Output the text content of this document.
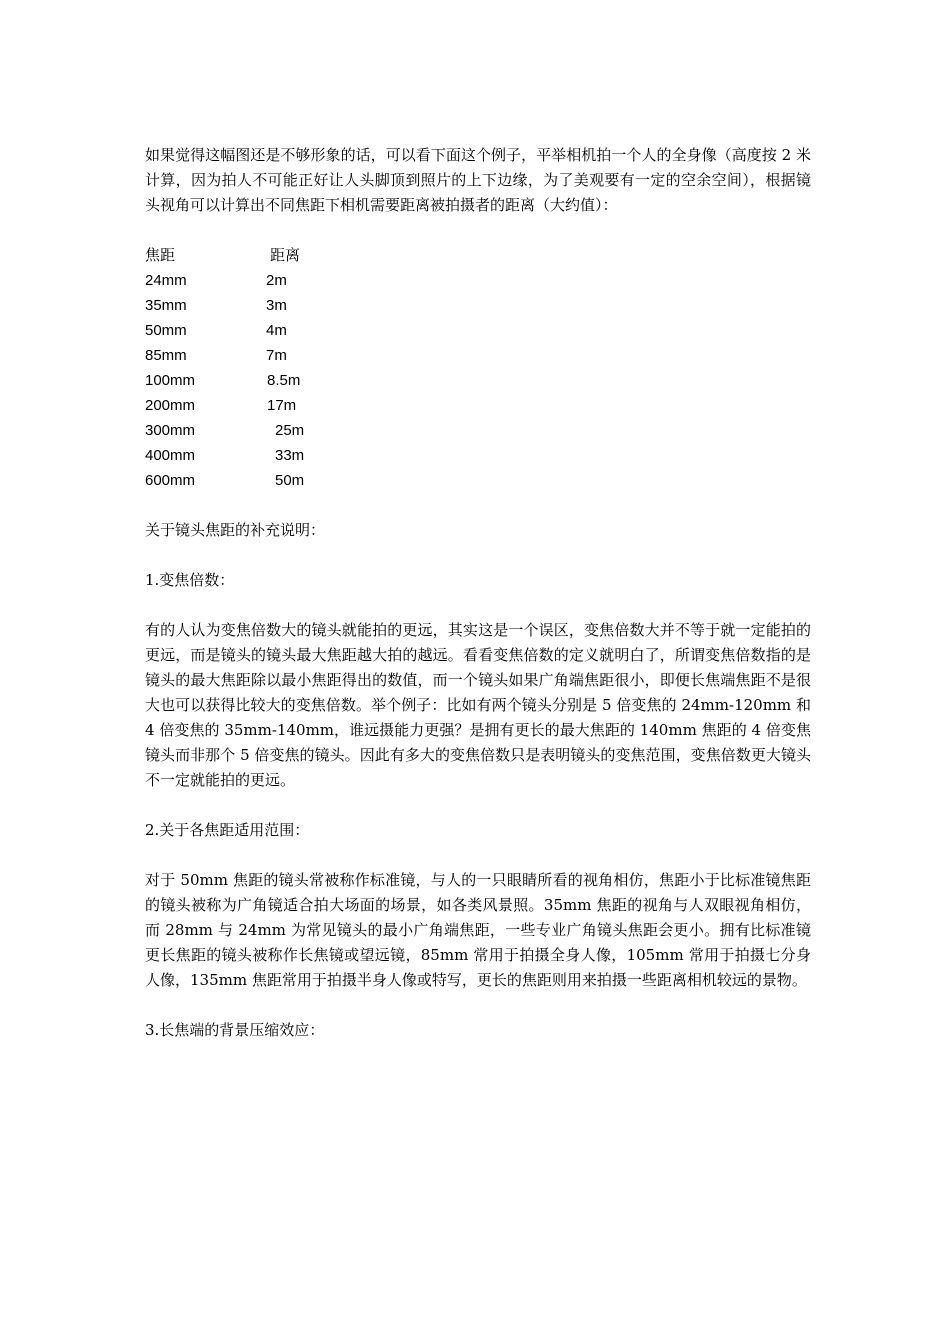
如果觉得这幅图还是不够形象的话，可以看下面这个例子，平举相机拍一个人的全身像（高度按 2 米计算，因为拍人不可能正好让人头脚顶到照片的上下边缘，为了美观要有一定的空余空间），根据镜头视角可以计算出不同焦距下相机需要距离被拍摄者的距离（大约值）：

焦距	距离
24mm	2m
35mm	3m
50mm	4m
85mm	7m
100mm	8.5m
200mm	17m
300mm	25m
400mm	33m
600mm	50m

关于镜头焦距的补充说明：

1.变焦倍数：

有的人认为变焦倍数大的镜头就能拍的更远，其实这是一个误区，变焦倍数大并不等于就一定能拍的更远，而是镜头的镜头最大焦距越大拍的越远。看看变焦倍数的定义就明白了，所谓变焦倍数指的是镜头的最大焦距除以最小焦距得出的数值，而一个镜头如果广角端焦距很小，即便长焦端焦距不是很大也可以获得比较大的变焦倍数。举个例子：比如有两个镜头分别是 5 倍变焦的 24mm-120mm 和 4 倍变焦的 35mm-140mm，谁远摄能力更强？是拥有更长的最大焦距的 140mm 焦距的 4 倍变焦镜头而非那个 5 倍变焦的镜头。因此有多大的变焦倍数只是表明镜头的变焦范围，变焦倍数更大镜头不一定就能拍的更远。

2.关于各焦距适用范围：

对于 50mm 焦距的镜头常被称作标准镜，与人的一只眼睛所看的视角相仿，焦距小于比标准镜焦距的镜头被称为广角镜适合拍大场面的场景，如各类风景照。35mm 焦距的视角与人双眼视角相仿，而 28mm 与 24mm 为常见镜头的最小广角端焦距，一些专业广角镜头焦距会更小。拥有比标准镜更长焦距的镜头被称作长焦镜或望远镜，85mm 常用于拍摄全身人像，105mm 常用于拍摄七分身人像，135mm 焦距常用于拍摄半身人像或特写，更长的焦距则用来拍摄一些距离相机较远的景物。

3.长焦端的背景压缩效应：
